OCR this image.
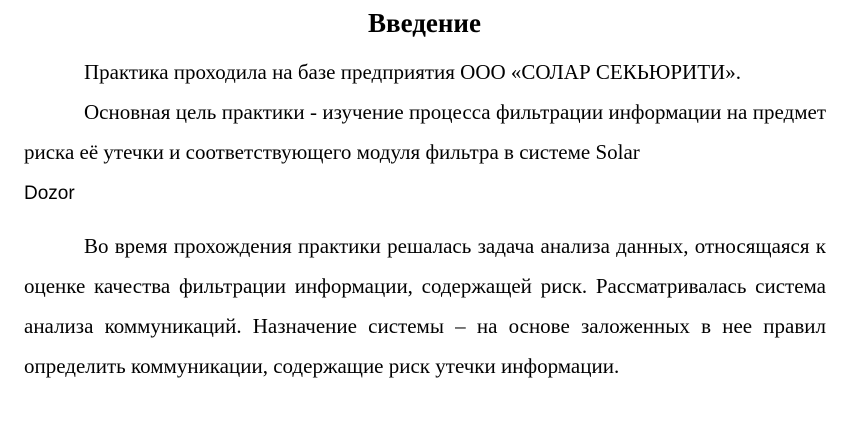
Введение

Практика проходила на базе предприятия ООО «СОЛАР СЕКЬЮРИТИ».

Основная цель практики - изучение процесса фильтрации информации на предмет риска её утечки и соответствующего модуля фильтра в системе Solar
Dozor

Во время прохождения практики решалась задача анализа данных, относящаяся к оценке качества фильтрации информации, содержащей риск. Рассматривалась система анализа коммуникаций. Назначение системы – на основе заложенных в нее правил определить коммуникации, содержащие риск утечки информации.
